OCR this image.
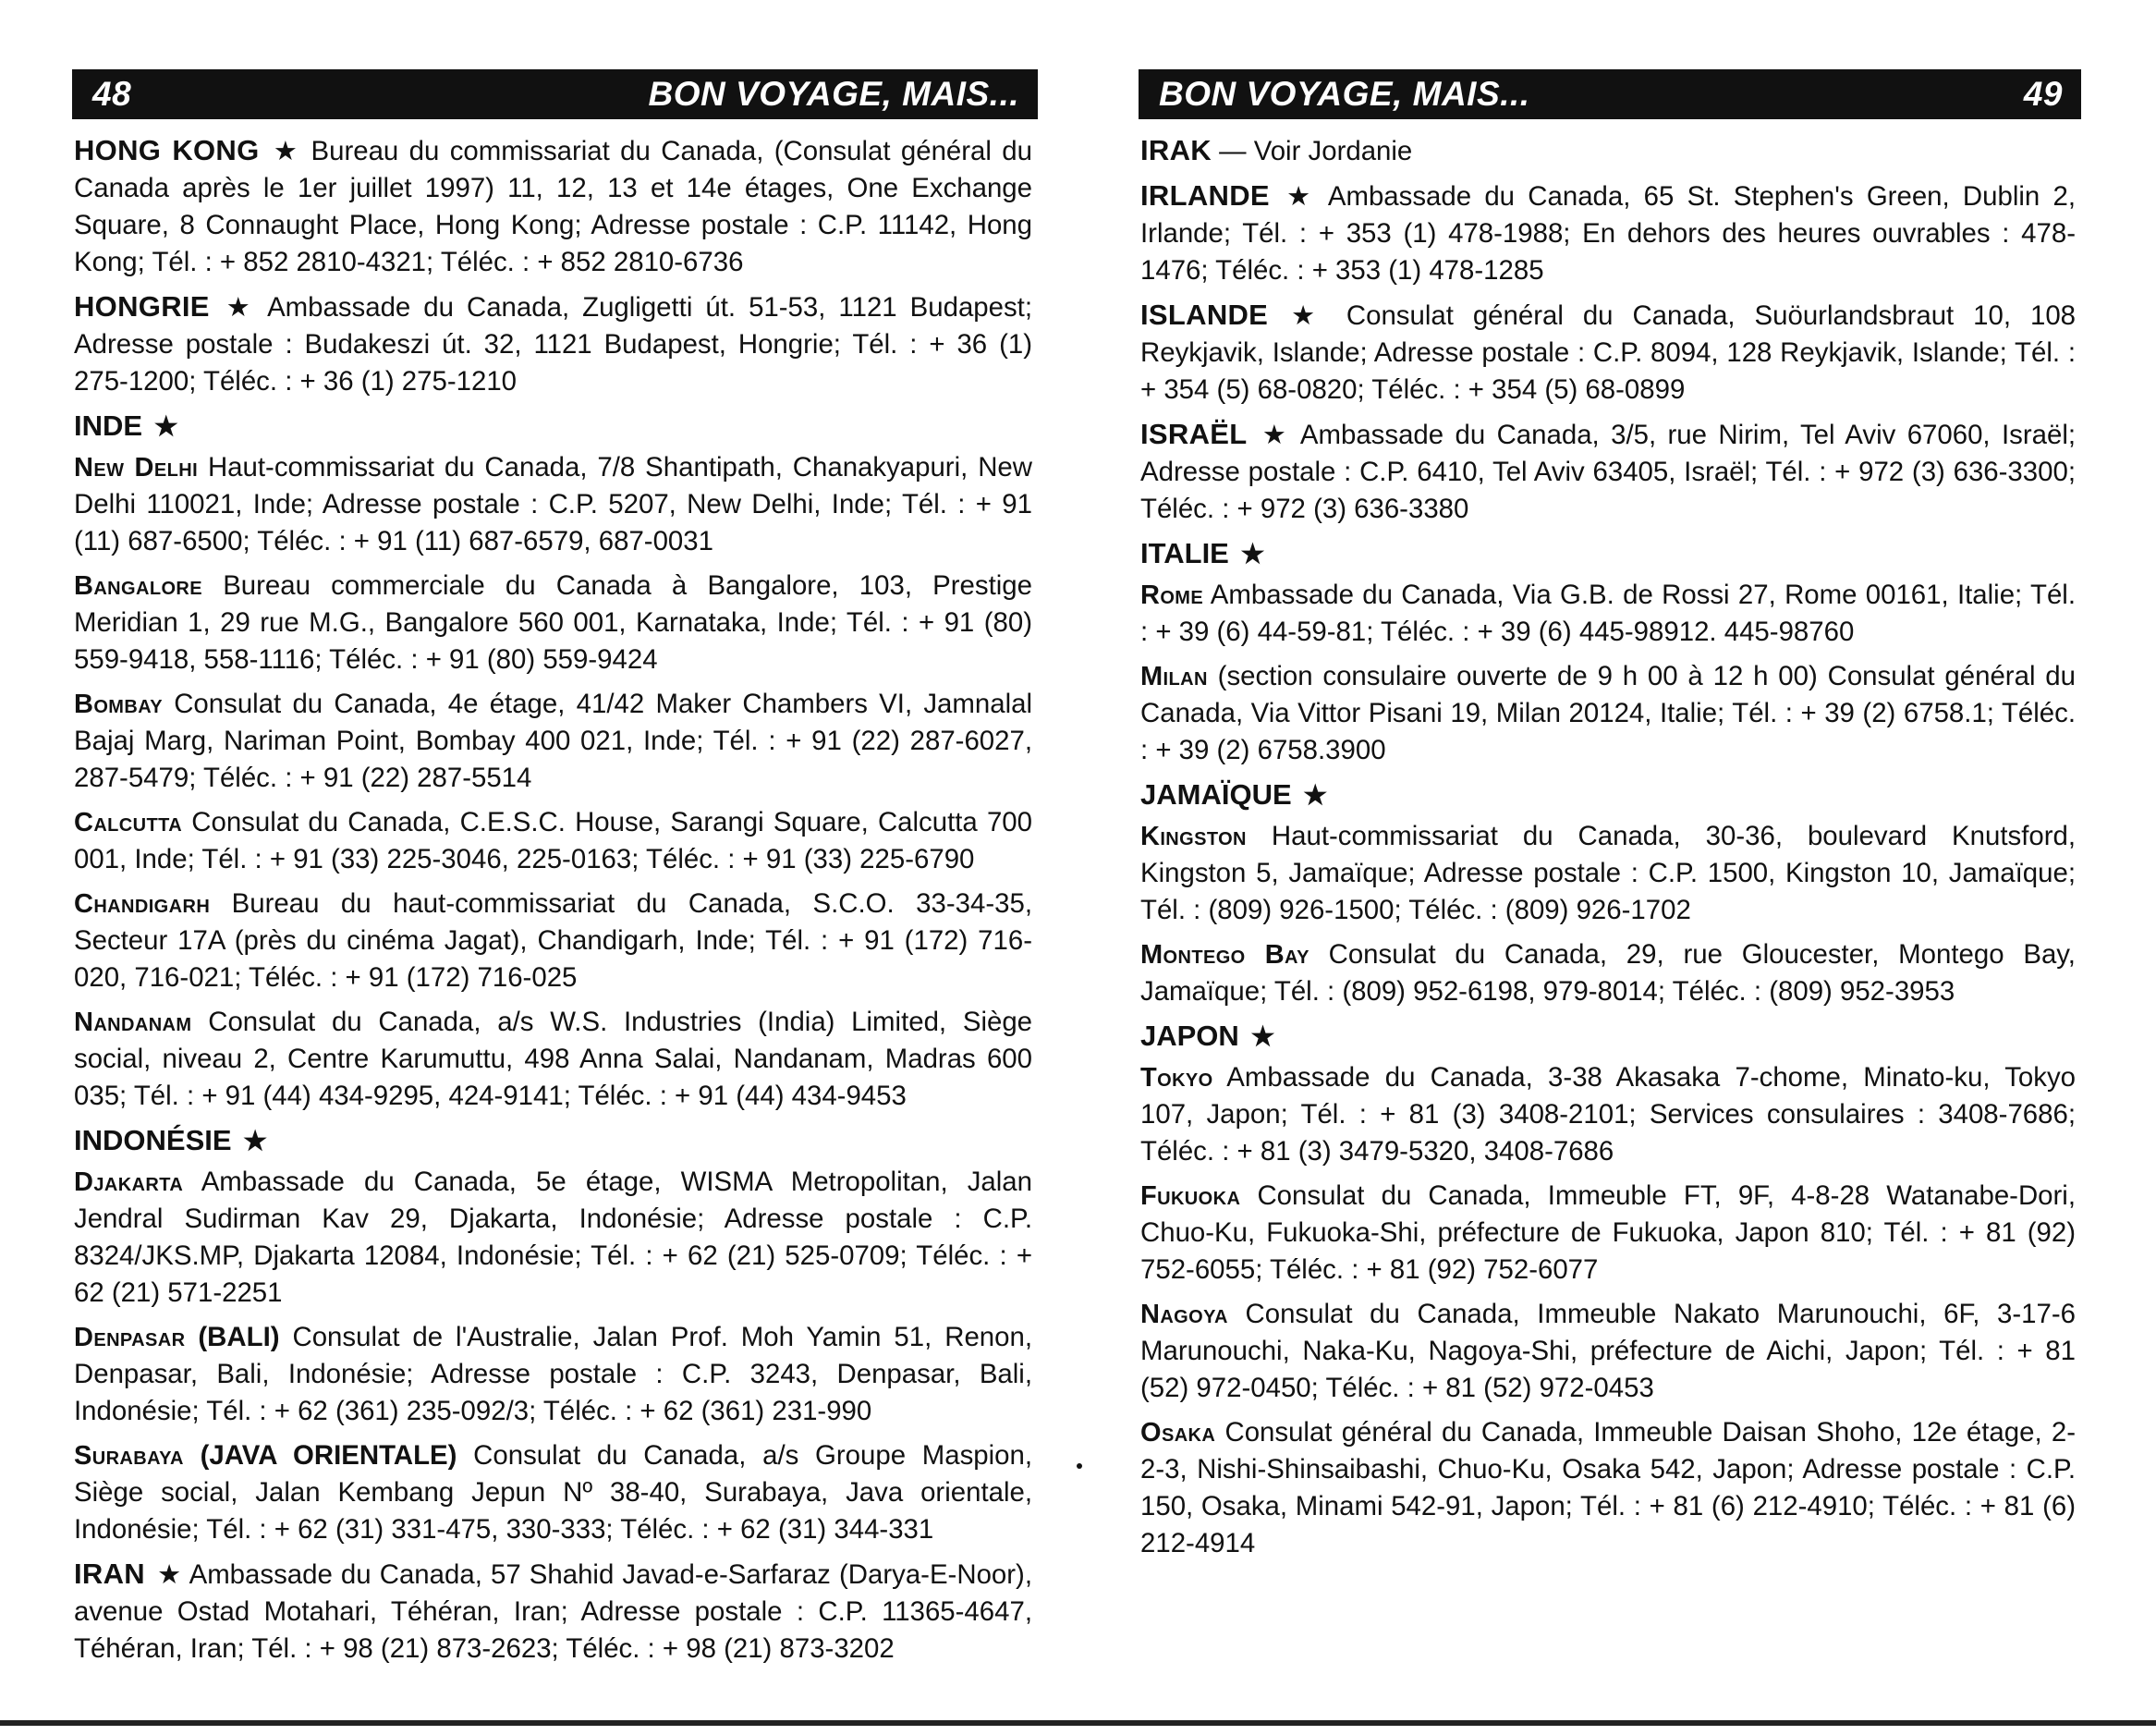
48	BON VOYAGE, MAIS...

HONG KONG ★ Bureau du commissariat du Canada, (Consulat général du Canada après le 1er juillet 1997) 11, 12, 13 et 14e étages, One Exchange Square, 8 Connaught Place, Hong Kong; Adresse postale : C.P. 11142, Hong Kong; Tél. : + 852 2810-4321; Téléc. : + 852 2810-6736

HONGRIE ★ Ambassade du Canada, Zugligetti út. 51-53, 1121 Budapest; Adresse postale : Budakeszi út. 32, 1121 Budapest, Hongrie; Tél. : + 36 (1) 275-1200; Téléc. : + 36 (1) 275-1210

INDE ★

New Delhi Haut-commissariat du Canada, 7/8 Shantipath, Chanakyapuri, New Delhi 110021, Inde; Adresse postale : C.P. 5207, New Delhi, Inde; Tél. : + 91 (11) 687-6500; Téléc. : + 91 (11) 687-6579, 687-0031

Bangalore Bureau commerciale du Canada à Bangalore, 103, Prestige Meridian 1, 29 rue M.G., Bangalore 560 001, Karnataka, Inde; Tél. : + 91 (80) 559-9418, 558-1116; Téléc. : + 91 (80) 559-9424

Bombay Consulat du Canada, 4e étage, 41/42 Maker Chambers VI, Jamnalal Bajaj Marg, Nariman Point, Bombay 400 021, Inde; Tél. : + 91 (22) 287-6027, 287-5479; Téléc. : + 91 (22) 287-5514

Calcutta Consulat du Canada, C.E.S.C. House, Sarangi Square, Calcutta 700 001, Inde; Tél. : + 91 (33) 225-3046, 225-0163; Téléc. : + 91 (33) 225-6790

Chandigarh Bureau du haut-commissariat du Canada, S.C.O. 33-34-35, Secteur 17A (près du cinéma Jagat), Chandigarh, Inde; Tél. : + 91 (172) 716-020, 716-021; Téléc. : + 91 (172) 716-025

Nandanam Consulat du Canada, a/s W.S. Industries (India) Limited, Siège social, niveau 2, Centre Karumuttu, 498 Anna Salai, Nandanam, Madras 600 035; Tél. : + 91 (44) 434-9295, 424-9141; Téléc. : + 91 (44) 434-9453

INDONÉSIE ★

Djakarta Ambassade du Canada, 5e étage, WISMA Metropolitan, Jalan Jendral Sudirman Kav 29, Djakarta, Indonésie; Adresse postale : C.P. 8324/JKS.MP, Djakarta 12084, Indonésie; Tél. : + 62 (21) 525-0709; Téléc. : + 62 (21) 571-2251

Denpasar (BALI) Consulat de l'Australie, Jalan Prof. Moh Yamin 51, Renon, Denpasar, Bali, Indonésie; Adresse postale : C.P. 3243, Denpasar, Bali, Indonésie; Tél. : + 62 (361) 235-092/3; Téléc. : + 62 (361) 231-990

Surabaya (JAVA ORIENTALE) Consulat du Canada, a/s Groupe Maspion, Siège social, Jalan Kembang Jepun Nº 38-40, Surabaya, Java orientale, Indonésie; Tél. : + 62 (31) 331-475, 330-333; Téléc. : + 62 (31) 344-331

IRAN ★ Ambassade du Canada, 57 Shahid Javad-e-Sarfaraz (Darya-E-Noor), avenue Ostad Motahari, Téhéran, Iran; Adresse postale : C.P. 11365-4647, Téhéran, Iran; Tél. : + 98 (21) 873-2623; Téléc. : + 98 (21) 873-3202

BON VOYAGE, MAIS...	49

IRAK — Voir Jordanie

IRLANDE ★ Ambassade du Canada, 65 St. Stephen's Green, Dublin 2, Irlande; Tél. : + 353 (1) 478-1988; En dehors des heures ouvrables : 478-1476; Téléc. : + 353 (1) 478-1285

ISLANDE ★ Consulat général du Canada, Suöurlandsbraut 10, 108 Reykjavik, Islande; Adresse postale : C.P. 8094, 128 Reykjavik, Islande; Tél. : + 354 (5) 68-0820; Téléc. : + 354 (5) 68-0899

ISRAËL ★ Ambassade du Canada, 3/5, rue Nirim, Tel Aviv 67060, Israël; Adresse postale : C.P. 6410, Tel Aviv 63405, Israël; Tél. : + 972 (3) 636-3300; Téléc. : + 972 (3) 636-3380

ITALIE ★

Rome Ambassade du Canada, Via G.B. de Rossi 27, Rome 00161, Italie; Tél. : + 39 (6) 44-59-81; Téléc. : + 39 (6) 445-98912. 445-98760

Milan (section consulaire ouverte de 9 h 00 à 12 h 00) Consulat général du Canada, Via Vittor Pisani 19, Milan 20124, Italie; Tél. : + 39 (2) 6758.1; Téléc. : + 39 (2) 6758.3900

JAMAÏQUE ★

Kingston Haut-commissariat du Canada, 30-36, boulevard Knutsford, Kingston 5, Jamaïque; Adresse postale : C.P. 1500, Kingston 10, Jamaïque; Tél. : (809) 926-1500; Téléc. : (809) 926-1702

Montego Bay Consulat du Canada, 29, rue Gloucester, Montego Bay, Jamaïque; Tél. : (809) 952-6198, 979-8014; Téléc. : (809) 952-3953

JAPON ★

Tokyo Ambassade du Canada, 3-38 Akasaka 7-chome, Minato-ku, Tokyo 107, Japon; Tél. : + 81 (3) 3408-2101; Services consulaires : 3408-7686; Téléc. : + 81 (3) 3479-5320, 3408-7686

Fukuoka Consulat du Canada, Immeuble FT, 9F, 4-8-28 Watanabe-Dori, Chuo-Ku, Fukuoka-Shi, préfecture de Fukuoka, Japon 810; Tél. : + 81 (92) 752-6055; Téléc. : + 81 (92) 752-6077

Nagoya Consulat du Canada, Immeuble Nakato Marunouchi, 6F, 3-17-6 Marunouchi, Naka-Ku, Nagoya-Shi, préfecture de Aichi, Japon; Tél. : + 81 (52) 972-0450; Téléc. : + 81 (52) 972-0453

Osaka Consulat général du Canada, Immeuble Daisan Shoho, 12e étage, 2-2-3, Nishi-Shinsaibashi, Chuo-Ku, Osaka 542, Japon; Adresse postale : C.P. 150, Osaka, Minami 542-91, Japon; Tél. : + 81 (6) 212-4910; Téléc. : + 81 (6) 212-4914
